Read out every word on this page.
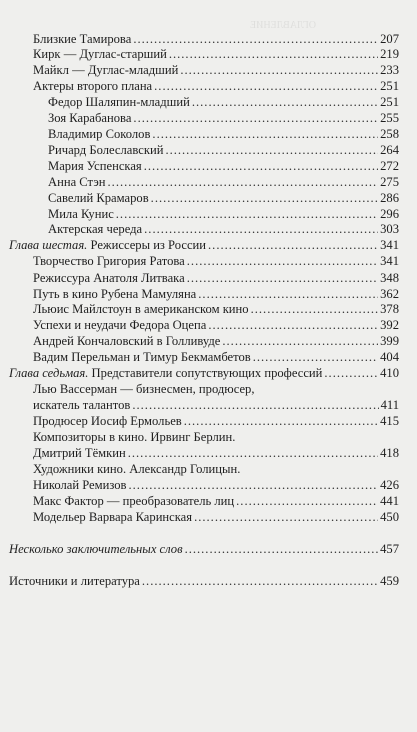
ОГЛАВЛЕНИЕ
Близкие Тамирова .....	207
Кирк — Дуглас-старший .....	219
Майкл — Дуглас-младший .....	233
Актеры второго плана .....	251
Федор Шаляпин-младший .....	251
Зоя Карабанова .....	255
Владимир Соколов .....	258
Ричард Болеславский .....	264
Мария Успенская .....	272
Анна Стэн .....	275
Савелий Крамаров .....	286
Мила Кунис .....	296
Актерская череда .....	303
Глава шестая. Режиссеры из России .....	341
Творчество Григория Ратова .....	341
Режиссура Анатоля Литвака .....	348
Путь в кино Рубена Мамуляна .....	362
Льюис Майлстоун в американском кино .....	378
Успехи и неудачи Федора Оцепа .....	392
Андрей Кончаловский в Голливуде .....	399
Вадим Перельман и Тимур Бекмамбетов .....	404
Глава седьмая. Представители сопутствующих профессий .....	410
Лью Вассерман — бизнесмен, продюсер,
искатель талантов .....	411
Продюсер Иосиф Ермольев .....	415
Композиторы в кино. Ирвинг Берлин.
Дмитрий Тёмкин .....	418
Художники кино. Александр Голицын.
Николай Ремизов .....	426
Макс Фактор — преобразователь лиц .....	441
Модельер Варвара Каринская .....	450
Несколько заключительных слов .....	457
Источники и литература .....	459
